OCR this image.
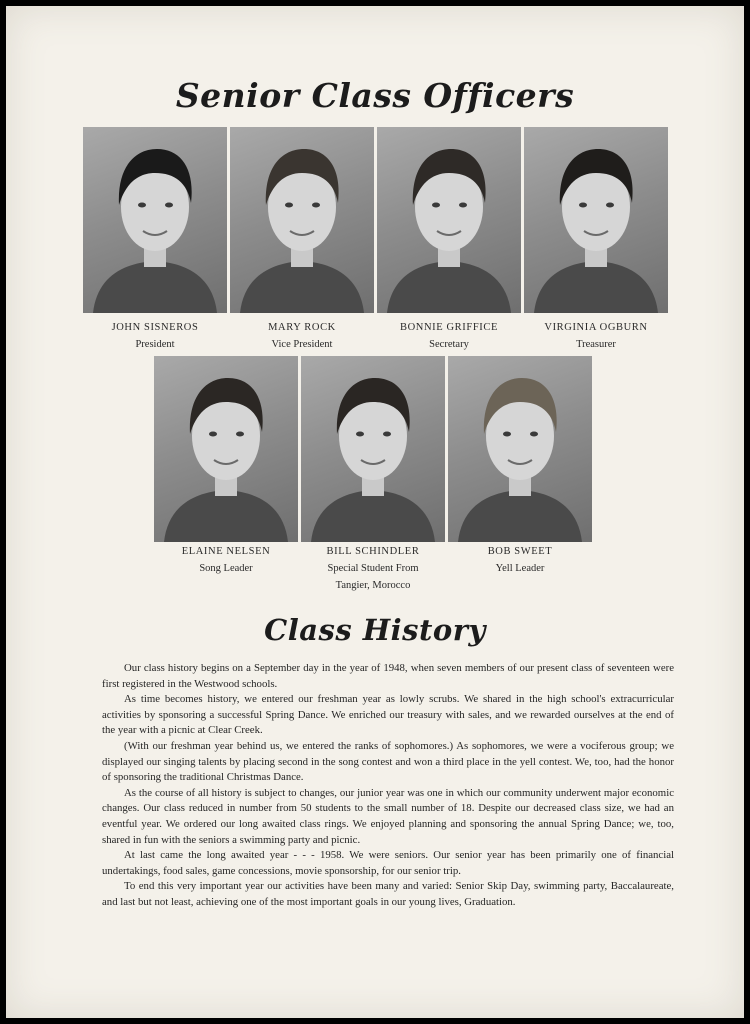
Senior Class Officers
JOHN SISNEROS
President
MARY ROCK
Vice President
BONNIE GRIFFICE
Secretary
VIRGINIA OGBURN
Treasurer
ELAINE NELSEN
Song Leader
BILL SCHINDLER
Special Student From
Tangier, Morocco
BOB SWEET
Yell Leader
Class History

Our class history begins on a September day in the year of 1948, when seven members of our present class of seventeen were first registered in the Westwood schools.

As time becomes history, we entered our freshman year as lowly scrubs. We shared in the high school's extracurricular activities by sponsoring a successful Spring Dance. We enriched our treasury with sales, and we rewarded ourselves at the end of the year with a picnic at Clear Creek.

(With our freshman year behind us, we entered the ranks of sophomores.) As sophomores, we were a vociferous group; we displayed our singing talents by placing second in the song contest and won a third place in the yell contest. We, too, had the honor of sponsoring the traditional Christmas Dance.

As the course of all history is subject to changes, our junior year was one in which our community underwent major economic changes. Our class reduced in number from 50 students to the small number of 18. Despite our decreased class size, we had an eventful year. We ordered our long awaited class rings. We enjoyed planning and sponsoring the annual Spring Dance; we, too, shared in fun with the seniors a swimming party and picnic.

At last came the long awaited year - - - 1958. We were seniors. Our senior year has been primarily one of financial undertakings, food sales, game concessions, movie sponsorship, for our senior trip.

To end this very important year our activities have been many and varied: Senior Skip Day, swimming party, Baccalaureate, and last but not least, achieving one of the most important goals in our young lives, Graduation.
